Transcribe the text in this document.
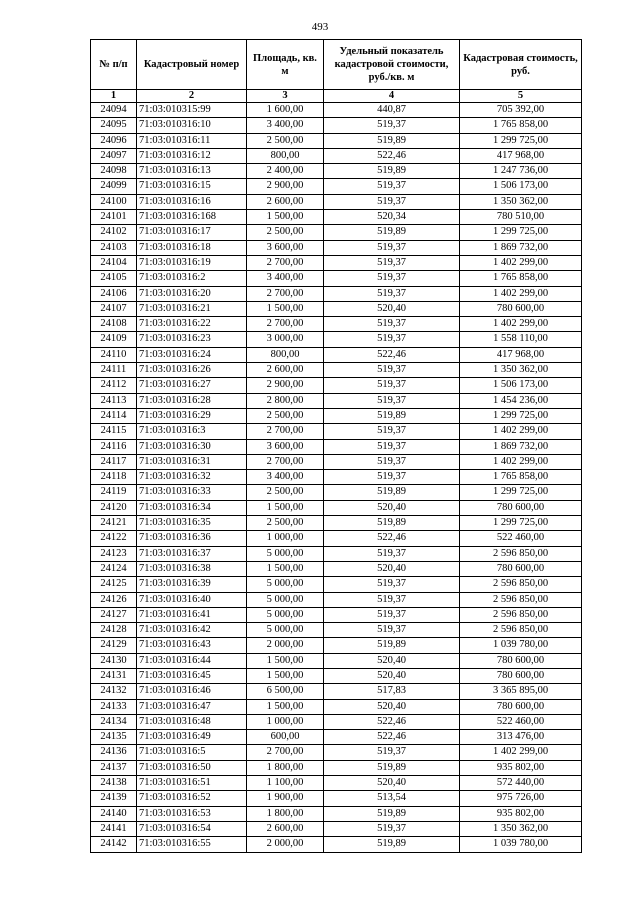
493
№ п/п	Кадастровый номер	Площадь, кв. м	Удельный показатель кадастровой стоимости, руб./кв. м	Кадастровая стоимость, руб.
1	2	3	4	5
24094	71:03:010315:99	1 600,00	440,87	705 392,00
24095	71:03:010316:10	3 400,00	519,37	1 765 858,00
24096	71:03:010316:11	2 500,00	519,89	1 299 725,00
24097	71:03:010316:12	800,00	522,46	417 968,00
24098	71:03:010316:13	2 400,00	519,89	1 247 736,00
24099	71:03:010316:15	2 900,00	519,37	1 506 173,00
24100	71:03:010316:16	2 600,00	519,37	1 350 362,00
24101	71:03:010316:168	1 500,00	520,34	780 510,00
24102	71:03:010316:17	2 500,00	519,89	1 299 725,00
24103	71:03:010316:18	3 600,00	519,37	1 869 732,00
24104	71:03:010316:19	2 700,00	519,37	1 402 299,00
24105	71:03:010316:2	3 400,00	519,37	1 765 858,00
24106	71:03:010316:20	2 700,00	519,37	1 402 299,00
24107	71:03:010316:21	1 500,00	520,40	780 600,00
24108	71:03:010316:22	2 700,00	519,37	1 402 299,00
24109	71:03:010316:23	3 000,00	519,37	1 558 110,00
24110	71:03:010316:24	800,00	522,46	417 968,00
24111	71:03:010316:26	2 600,00	519,37	1 350 362,00
24112	71:03:010316:27	2 900,00	519,37	1 506 173,00
24113	71:03:010316:28	2 800,00	519,37	1 454 236,00
24114	71:03:010316:29	2 500,00	519,89	1 299 725,00
24115	71:03:010316:3	2 700,00	519,37	1 402 299,00
24116	71:03:010316:30	3 600,00	519,37	1 869 732,00
24117	71:03:010316:31	2 700,00	519,37	1 402 299,00
24118	71:03:010316:32	3 400,00	519,37	1 765 858,00
24119	71:03:010316:33	2 500,00	519,89	1 299 725,00
24120	71:03:010316:34	1 500,00	520,40	780 600,00
24121	71:03:010316:35	2 500,00	519,89	1 299 725,00
24122	71:03:010316:36	1 000,00	522,46	522 460,00
24123	71:03:010316:37	5 000,00	519,37	2 596 850,00
24124	71:03:010316:38	1 500,00	520,40	780 600,00
24125	71:03:010316:39	5 000,00	519,37	2 596 850,00
24126	71:03:010316:40	5 000,00	519,37	2 596 850,00
24127	71:03:010316:41	5 000,00	519,37	2 596 850,00
24128	71:03:010316:42	5 000,00	519,37	2 596 850,00
24129	71:03:010316:43	2 000,00	519,89	1 039 780,00
24130	71:03:010316:44	1 500,00	520,40	780 600,00
24131	71:03:010316:45	1 500,00	520,40	780 600,00
24132	71:03:010316:46	6 500,00	517,83	3 365 895,00
24133	71:03:010316:47	1 500,00	520,40	780 600,00
24134	71:03:010316:48	1 000,00	522,46	522 460,00
24135	71:03:010316:49	600,00	522,46	313 476,00
24136	71:03:010316:5	2 700,00	519,37	1 402 299,00
24137	71:03:010316:50	1 800,00	519,89	935 802,00
24138	71:03:010316:51	1 100,00	520,40	572 440,00
24139	71:03:010316:52	1 900,00	513,54	975 726,00
24140	71:03:010316:53	1 800,00	519,89	935 802,00
24141	71:03:010316:54	2 600,00	519,37	1 350 362,00
24142	71:03:010316:55	2 000,00	519,89	1 039 780,00
